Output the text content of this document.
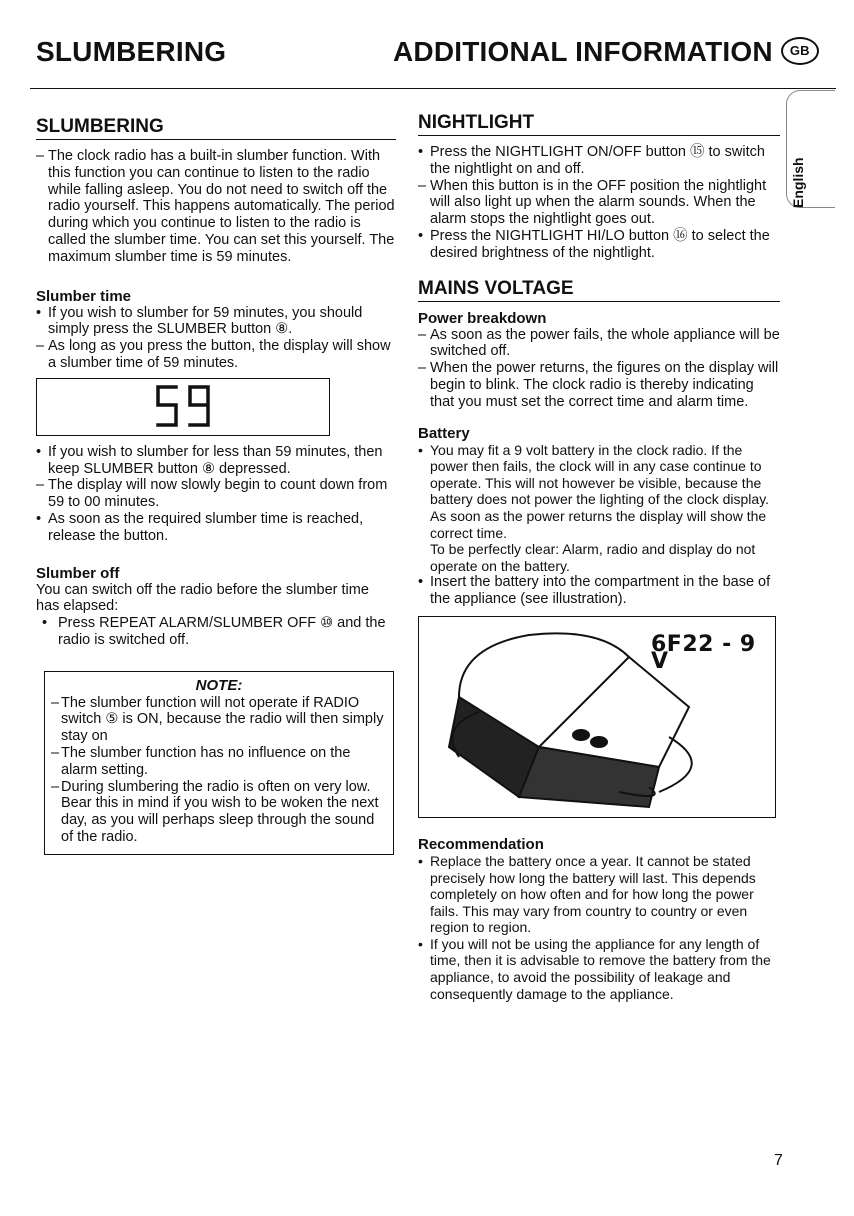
SLUMBERING	ADDITIONAL INFORMATION GB
English
SLUMBERING

– The clock radio has a built-in slumber function. With this function you can continue to listen to the radio while falling asleep. You do not need to switch off the radio yourself. This happens automatically. The period during which you continue to listen to the radio is called the slumber time. You can set this yourself. The maximum slumber time is 59 minutes.

Slumber time

• If you wish to slumber for 59 minutes, you should simply press the SLUMBER button ⑧.

– As long as you press the button, the display will show a slumber time of 59 minutes.

• If you wish to slumber for less than 59 minutes, then keep SLUMBER button ⑧ depressed.

– The display will now slowly begin to count down from 59 to 00 minutes.

• As soon as the required slumber time is reached, release the button.

Slumber off

You can switch off the radio before the slumber time has elapsed:

• Press REPEAT ALARM/SLUMBER OFF ⑩ and the radio is switched off.

NOTE:

– The slumber function will not operate if RADIO switch ⑤ is ON, because the radio will then simply stay on

– The slumber function has no influence on the alarm setting.

– During slumbering the radio is often on very low. Bear this in mind if you wish to be woken the next day, as you will perhaps sleep through the sound of the radio.

NIGHTLIGHT

• Press the NIGHTLIGHT ON/OFF button ⑮ to switch the nightlight on and off.

– When this button is in the OFF position the nightlight will also light up when the alarm sounds. When the alarm stops the nightlight goes out.

• Press the NIGHTLIGHT HI/LO button ⑯ to select the desired brightness of the nightlight.

MAINS VOLTAGE
Power breakdown

– As soon as the power fails, the whole appliance will be switched off.

– When the power returns, the figures on the display will begin to blink. The clock radio is thereby indicating that you must set the correct time and alarm time.

Battery

• You may fit a 9 volt battery in the clock radio. If the power then fails, the clock will in any case continue to operate. This will not however be visible, because the battery does not power the lighting of the clock display. As soon as the power returns the display will show the correct time.

To be perfectly clear: Alarm, radio and display do not operate on the battery.

• Insert the battery into the compartment in the base of the appliance (see illustration).

6F22 - 9 V
Recommendation

• Replace the battery once a year. It cannot be stated precisely how long the battery will last. This depends completely on how often and for how long the power fails. This may vary from country to country or even region to region.

• If you will not be using the appliance for any length of time, then it is advisable to remove the battery from the appliance, to avoid the possibility of leakage and consequently damage to the appliance.

7
